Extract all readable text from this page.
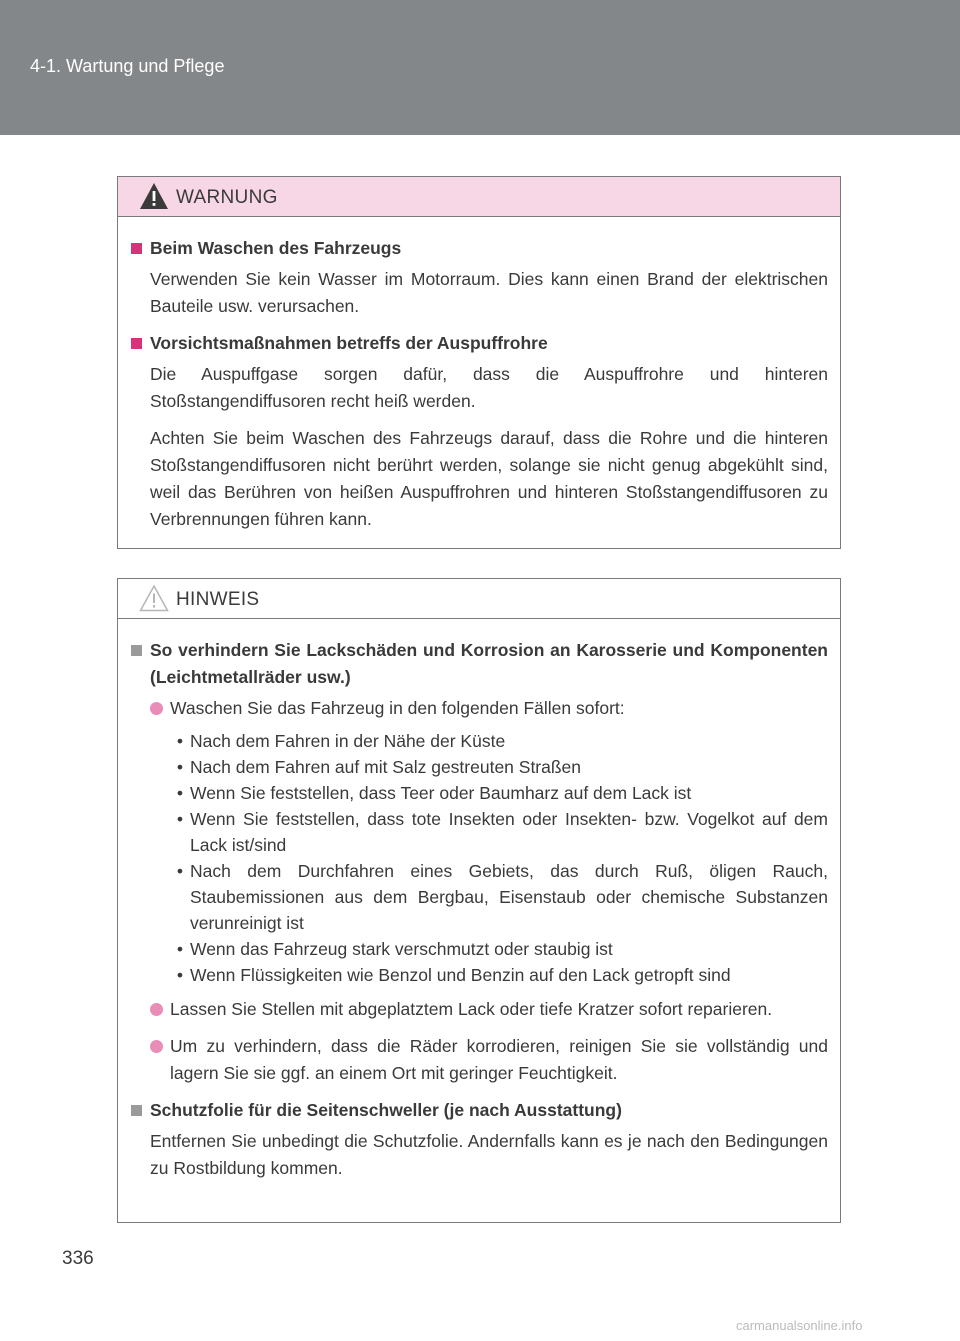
4-1. Wartung und Pflege
WARNUNG
Beim Waschen des Fahrzeugs

Verwenden Sie kein Wasser im Motorraum. Dies kann einen Brand der elektrischen Bauteile usw. verursachen.

Vorsichtsmaßnahmen betreffs der Auspuffrohre

Die Auspuffgase sorgen dafür, dass die Auspuffrohre und hinteren Stoßstangendiffusoren recht heiß werden.

Achten Sie beim Waschen des Fahrzeugs darauf, dass die Rohre und die hinteren Stoßstangendiffusoren nicht berührt werden, solange sie nicht genug abgekühlt sind, weil das Berühren von heißen Auspuffrohren und hinteren Stoßstangendiffusoren zu Verbrennungen führen kann.

HINWEIS
So verhindern Sie Lackschäden und Korrosion an Karosserie und Komponenten (Leichtmetallräder usw.)
Waschen Sie das Fahrzeug in den folgenden Fällen sofort:
• Nach dem Fahren in der Nähe der Küste
• Nach dem Fahren auf mit Salz gestreuten Straßen
• Wenn Sie feststellen, dass Teer oder Baumharz auf dem Lack ist
• Wenn Sie feststellen, dass tote Insekten oder Insekten- bzw. Vogelkot auf dem Lack ist/sind
• Nach dem Durchfahren eines Gebiets, das durch Ruß, öligen Rauch, Staubemissionen aus dem Bergbau, Eisenstaub oder chemische Substanzen verunreinigt ist
• Wenn das Fahrzeug stark verschmutzt oder staubig ist
• Wenn Flüssigkeiten wie Benzol und Benzin auf den Lack getropft sind
Lassen Sie Stellen mit abgeplatztem Lack oder tiefe Kratzer sofort reparieren.
Um zu verhindern, dass die Räder korrodieren, reinigen Sie sie vollständig und lagern Sie sie ggf. an einem Ort mit geringer Feuchtigkeit.
Schutzfolie für die Seitenschweller (je nach Ausstattung)

Entfernen Sie unbedingt die Schutzfolie. Andernfalls kann es je nach den Bedingungen zu Rostbildung kommen.

336
carmanualsonline.info
